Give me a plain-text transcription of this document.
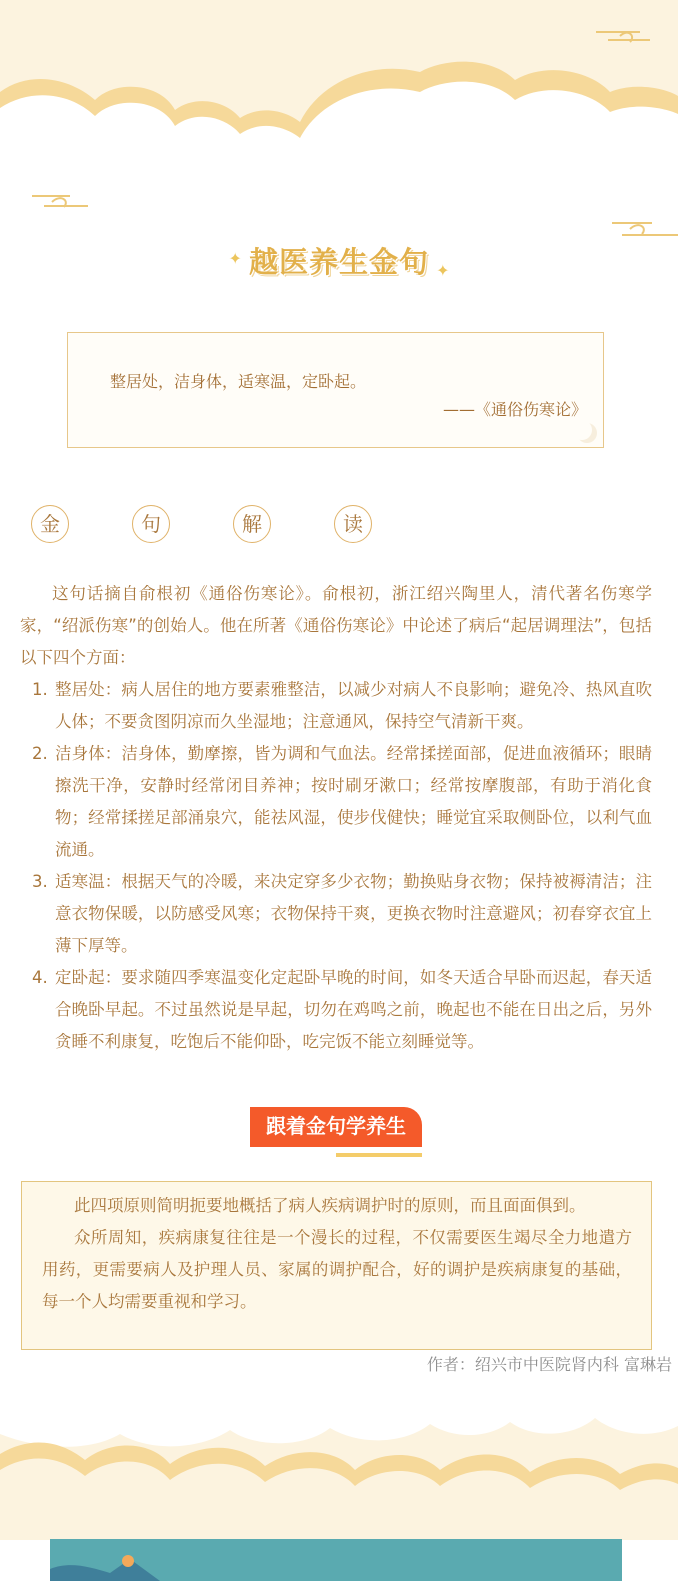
✦ 越医养生金句 ✦
整居处，洁身体，适寒温，定卧起。
——《通俗伤寒论》
金	句	解	读

这句话摘自俞根初《通俗伤寒论》。俞根初，浙江绍兴陶里人，清代著名伤寒学家，“绍派伤寒”的创始人。他在所著《通俗伤寒论》中论述了病后“起居调理法”，包括以下四个方面：

1. 整居处：病人居住的地方要素雅整洁，以减少对病人不良影响；避免冷、热风直吹人体；不要贪图阴凉而久坐湿地；注意通风，保持空气清新干爽。
2. 洁身体：洁身体，勤摩擦，皆为调和气血法。经常揉搓面部，促进血液循环；眼睛擦洗干净，安静时经常闭目养神；按时刷牙漱口；经常按摩腹部，有助于消化食物；经常揉搓足部涌泉穴，能祛风湿，使步伐健快；睡觉宜采取侧卧位，以利气血流通。
3. 适寒温：根据天气的冷暖，来决定穿多少衣物；勤换贴身衣物；保持被褥清洁；注意衣物保暖，以防感受风寒；衣物保持干爽，更换衣物时注意避风；初春穿衣宜上薄下厚等。
4. 定卧起：要求随四季寒温变化定起卧早晚的时间，如冬天适合早卧而迟起，春天适合晚卧早起。不过虽然说是早起，切勿在鸡鸣之前，晚起也不能在日出之后，另外贪睡不利康复，吃饱后不能仰卧，吃完饭不能立刻睡觉等。
跟着金句学养生

此四项原则简明扼要地概括了病人疾病调护时的原则，而且面面俱到。

众所周知，疾病康复往往是一个漫长的过程，不仅需要医生竭尽全力地遣方用药，更需要病人及护理人员、家属的调护配合，好的调护是疾病康复的基础，每一个人均需要重视和学习。

作者：绍兴市中医院肾内科 富琳岩
